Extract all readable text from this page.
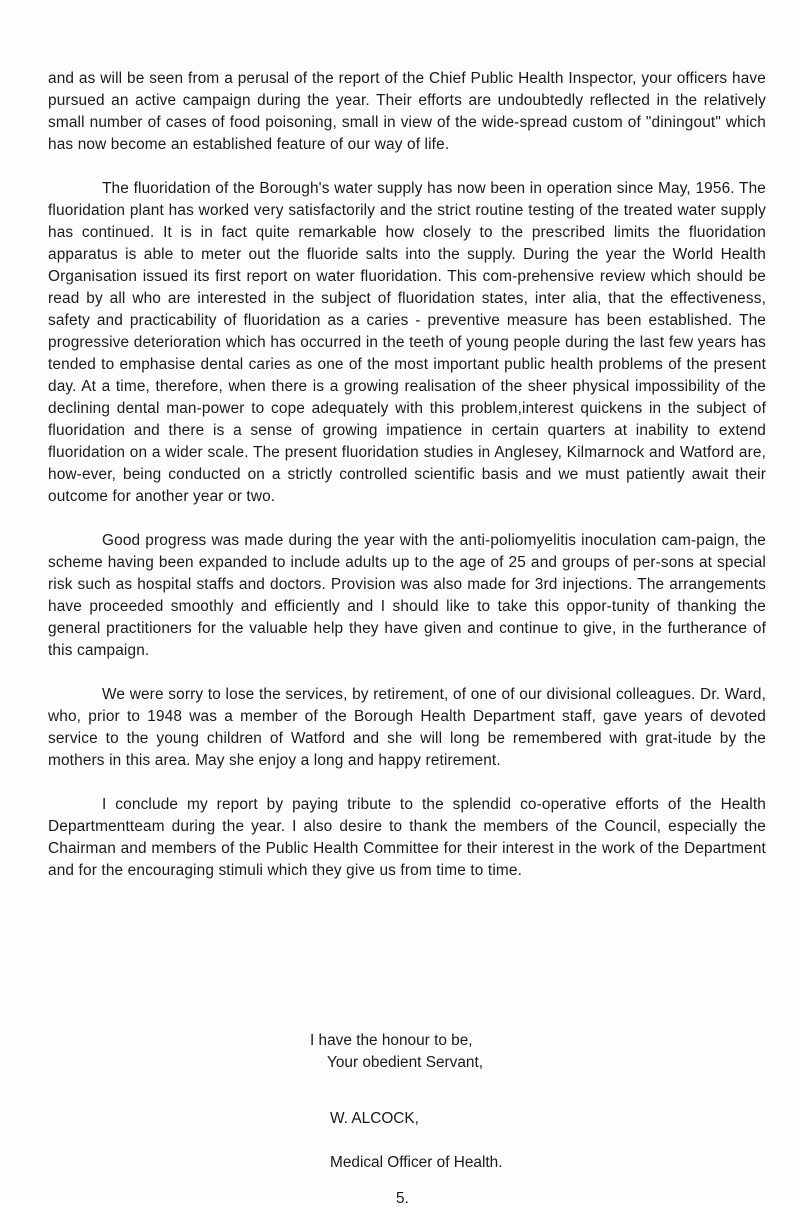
and as will be seen from a perusal of the report of the Chief Public Health Inspector, your officers have pursued an active campaign during the year. Their efforts are undoubtedly reflected in the relatively small number of cases of food poisoning, small in view of the wide-spread custom of "diningout" which has now become an established feature of our way of life.

The fluoridation of the Borough's water supply has now been in operation since May, 1956. The fluoridation plant has worked very satisfactorily and the strict routine testing of the treated water supply has continued. It is in fact quite remarkable how closely to the prescribed limits the fluoridation apparatus is able to meter out the fluoride salts into the supply. During the year the World Health Organisation issued its first report on water fluoridation. This com-prehensive review which should be read by all who are interested in the subject of fluoridation states, inter alia, that the effectiveness, safety and practicability of fluoridation as a caries - preventive measure has been established. The progressive deterioration which has occurred in the teeth of young people during the last few years has tended to emphasise dental caries as one of the most important public health problems of the present day. At a time, therefore, when there is a growing realisation of the sheer physical impossibility of the declining dental man-power to cope adequately with this problem,interest quickens in the subject of fluoridation and there is a sense of growing impatience in certain quarters at inability to extend fluoridation on a wider scale. The present fluoridation studies in Anglesey, Kilmarnock and Watford are, how-ever, being conducted on a strictly controlled scientific basis and we must patiently await their outcome for another year or two.

Good progress was made during the year with the anti-poliomyelitis inoculation cam-paign, the scheme having been expanded to include adults up to the age of 25 and groups of per-sons at special risk such as hospital staffs and doctors. Provision was also made for 3rd injections. The arrangements have proceeded smoothly and efficiently and I should like to take this oppor-tunity of thanking the general practitioners for the valuable help they have given and continue to give, in the furtherance of this campaign.

We were sorry to lose the services, by retirement, of one of our divisional colleagues. Dr. Ward, who, prior to 1948 was a member of the Borough Health Department staff, gave years of devoted service to the young children of Watford and she will long be remembered with grat-itude by the mothers in this area. May she enjoy a long and happy retirement.

I conclude my report by paying tribute to the splendid co-operative efforts of the Health Departmentteam during the year. I also desire to thank the members of the Council, especially the Chairman and members of the Public Health Committee for their interest in the work of the Department and for the encouraging stimuli which they give us from time to time.

I have the honour to be,
Your obedient Servant,
W. ALCOCK,
Medical Officer of Health.
5.
